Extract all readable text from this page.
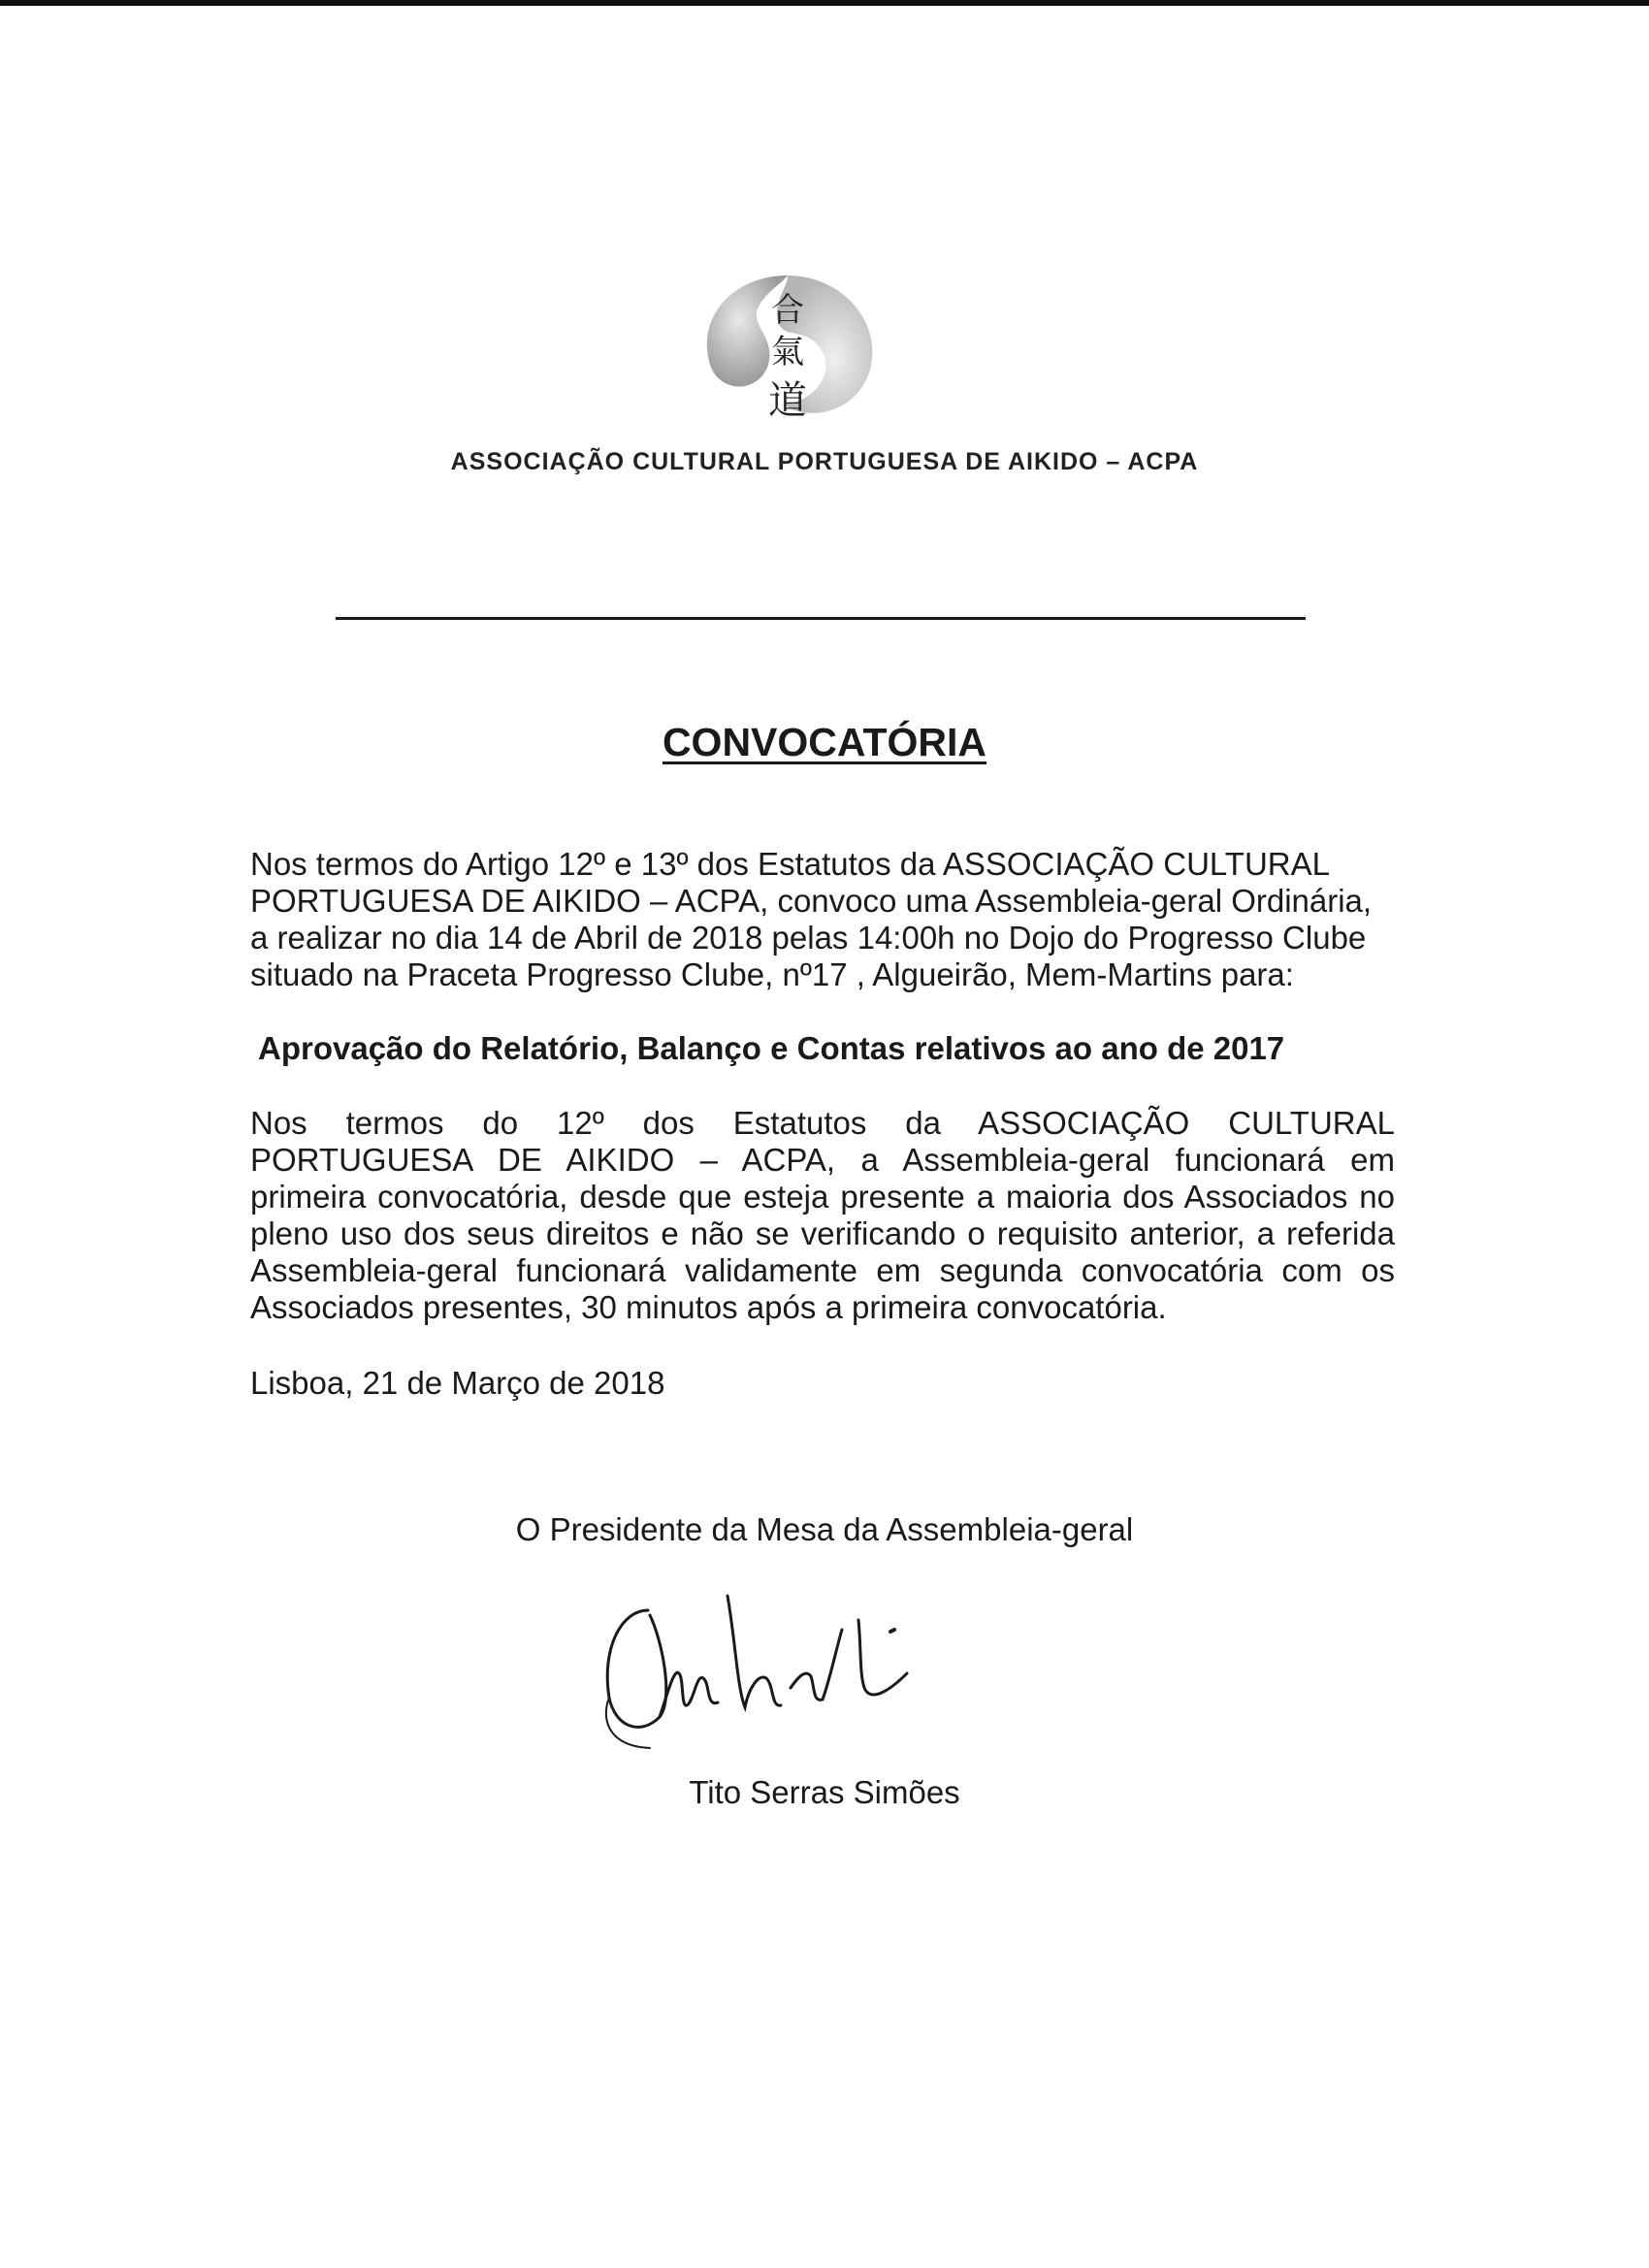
合
氣
道
ASSOCIAÇÃO CULTURAL PORTUGUESA DE AIKIDO – ACPA
CONVOCATÓRIA
Nos termos do Artigo 12º e 13º dos Estatutos da ASSOCIAÇÃO CULTURAL
PORTUGUESA DE AIKIDO – ACPA, convoco uma Assembleia-geral Ordinária,
a realizar no dia 14 de Abril de 2018 pelas 14:00h no Dojo do Progresso Clube
situado na Praceta Progresso Clube, nº17 , Algueirão, Mem-Martins para:
Aprovação do Relatório, Balanço e Contas relativos ao ano de 2017
Nos termos do 12º dos Estatutos da ASSOCIAÇÃO CULTURAL
PORTUGUESA DE AIKIDO – ACPA, a Assembleia-geral funcionará em
primeira convocatória, desde que esteja presente a maioria dos Associados no
pleno uso dos seus direitos e não se verificando o requisito anterior, a referida
Assembleia-geral funcionará validamente em segunda convocatória com os
Associados presentes, 30 minutos após a primeira convocatória.
Lisboa, 21 de Março de 2018
O Presidente da Mesa da Assembleia-geral
Tito Serras Simões
